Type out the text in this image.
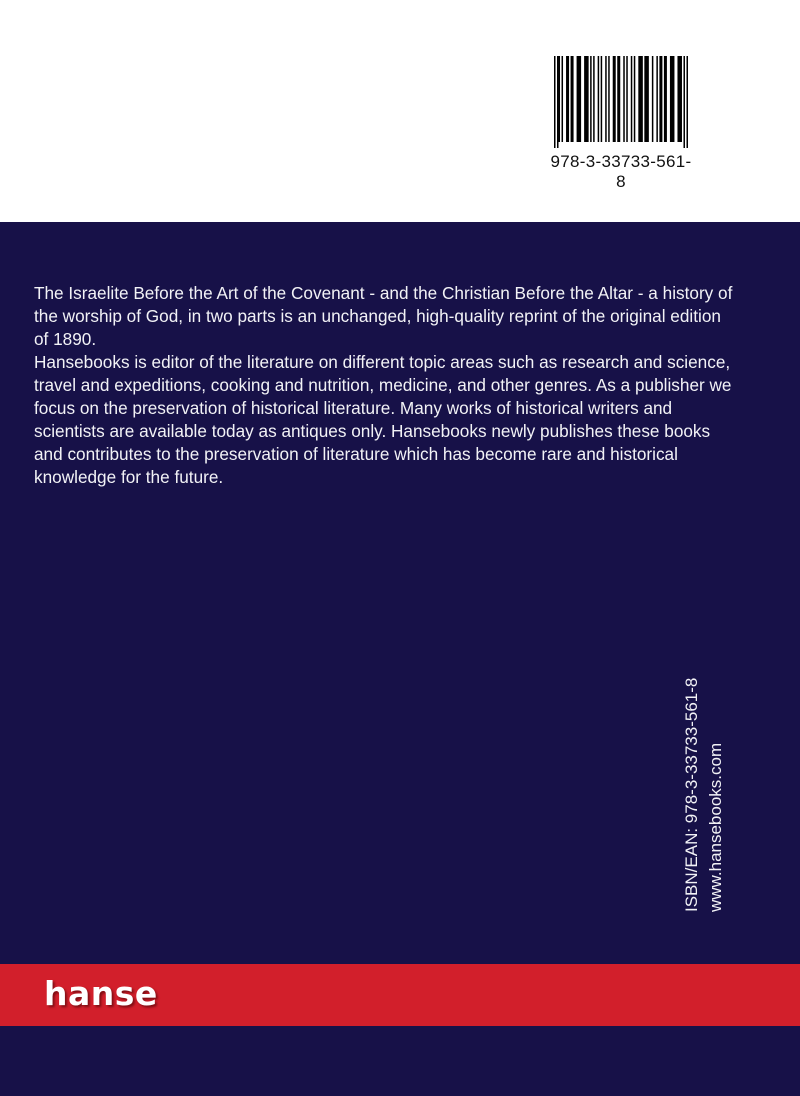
978-3-33733-561-8

The Israelite Before the Art of the Covenant - and the Christian Before the Altar - a history of the worship of God, in two parts is an unchanged, high-quality reprint of the original edition of 1890.

Hansebooks is editor of the literature on different topic areas such as research and science, travel and expeditions, cooking and nutrition, medicine, and other genres. As a publisher we focus on the preservation of historical literature. Many works of historical writers and scientists are available today as antiques only. Hansebooks newly publishes these books and contributes to the preservation of literature which has become rare and historical knowledge for the future.

ISBN/EAN: 978-3-33733-561-8 www.hansebooks.com
hanse
